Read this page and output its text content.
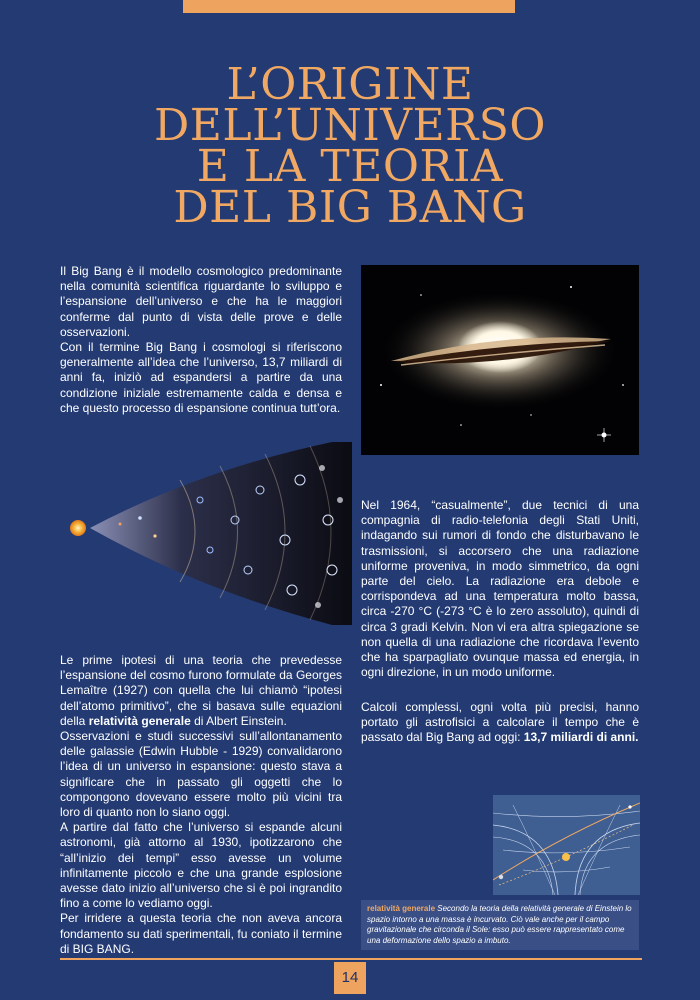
L’ORIGINE
DELL’UNIVERSO
E LA TEORIA
DEL BIG BANG

Il Big Bang è il modello cosmologico predominante nella comunità scientifica riguardante lo sviluppo e l’espansione dell’universo e che ha le maggiori conferme dal punto di vista delle prove e delle osservazioni.

Con il termine Big Bang i cosmologi si riferiscono generalmente all’idea che l’universo, 13,7 miliardi di anni fa, iniziò ad espandersi a partire da una condizione iniziale estremamente calda e densa e che questo processo di espansione continua tutt’ora.

Nel 1964, “casualmente”, due tecnici di una compagnia di radio-telefonia degli Stati Uniti, indagando sui rumori di fondo che disturbavano le trasmissioni, si accorsero che una radiazione uniforme proveniva, in modo simmetrico, da ogni parte del cielo. La radiazione era debole e corrispondeva ad una temperatura molto bassa, circa -270 °C (-273 °C è lo zero assoluto), quindi di circa 3 gradi Kelvin. Non vi era altra spiegazione se non quella di una radiazione che ricordava l’evento che ha sparpagliato ovunque massa ed energia, in ogni direzione, in un modo uniforme.

Le prime ipotesi di una teoria che prevedesse l’espansione del cosmo furono formulate da Georges Lemaître (1927) con quella che lui chiamò “ipotesi dell’atomo primitivo”, che si basava sulle equazioni della relatività generale di Albert Einstein.

Osservazioni e studi successivi sull’allontanamento delle galassie (Edwin Hubble - 1929) convalidarono l’idea di un universo in espansione: questo stava a significare che in passato gli oggetti che lo compongono dovevano essere molto più vicini tra loro di quanto non lo siano oggi.

A partire dal fatto che l’universo si espande alcuni astronomi, già attorno al 1930, ipotizzarono che “all’inizio dei tempi” esso avesse un volume infinitamente piccolo e che una grande esplosione avesse dato inizio all’universo che si è poi ingrandito fino a come lo vediamo oggi.

Per irridere a questa teoria che non aveva ancora fondamento su dati sperimentali, fu coniato il termine di BIG BANG.

Calcoli complessi, ogni volta più precisi, hanno portato gli astrofisici a calcolare il tempo che è passato dal Big Bang ad oggi: 13,7 miliardi di anni.

relatività generale Secondo la teoria della relatività generale di Einstein lo spazio intorno a una massa è incurvato. Ciò vale anche per il campo gravitazionale che circonda il Sole: esso può essere rappresentato come una deformazione dello spazio a imbuto.
14
